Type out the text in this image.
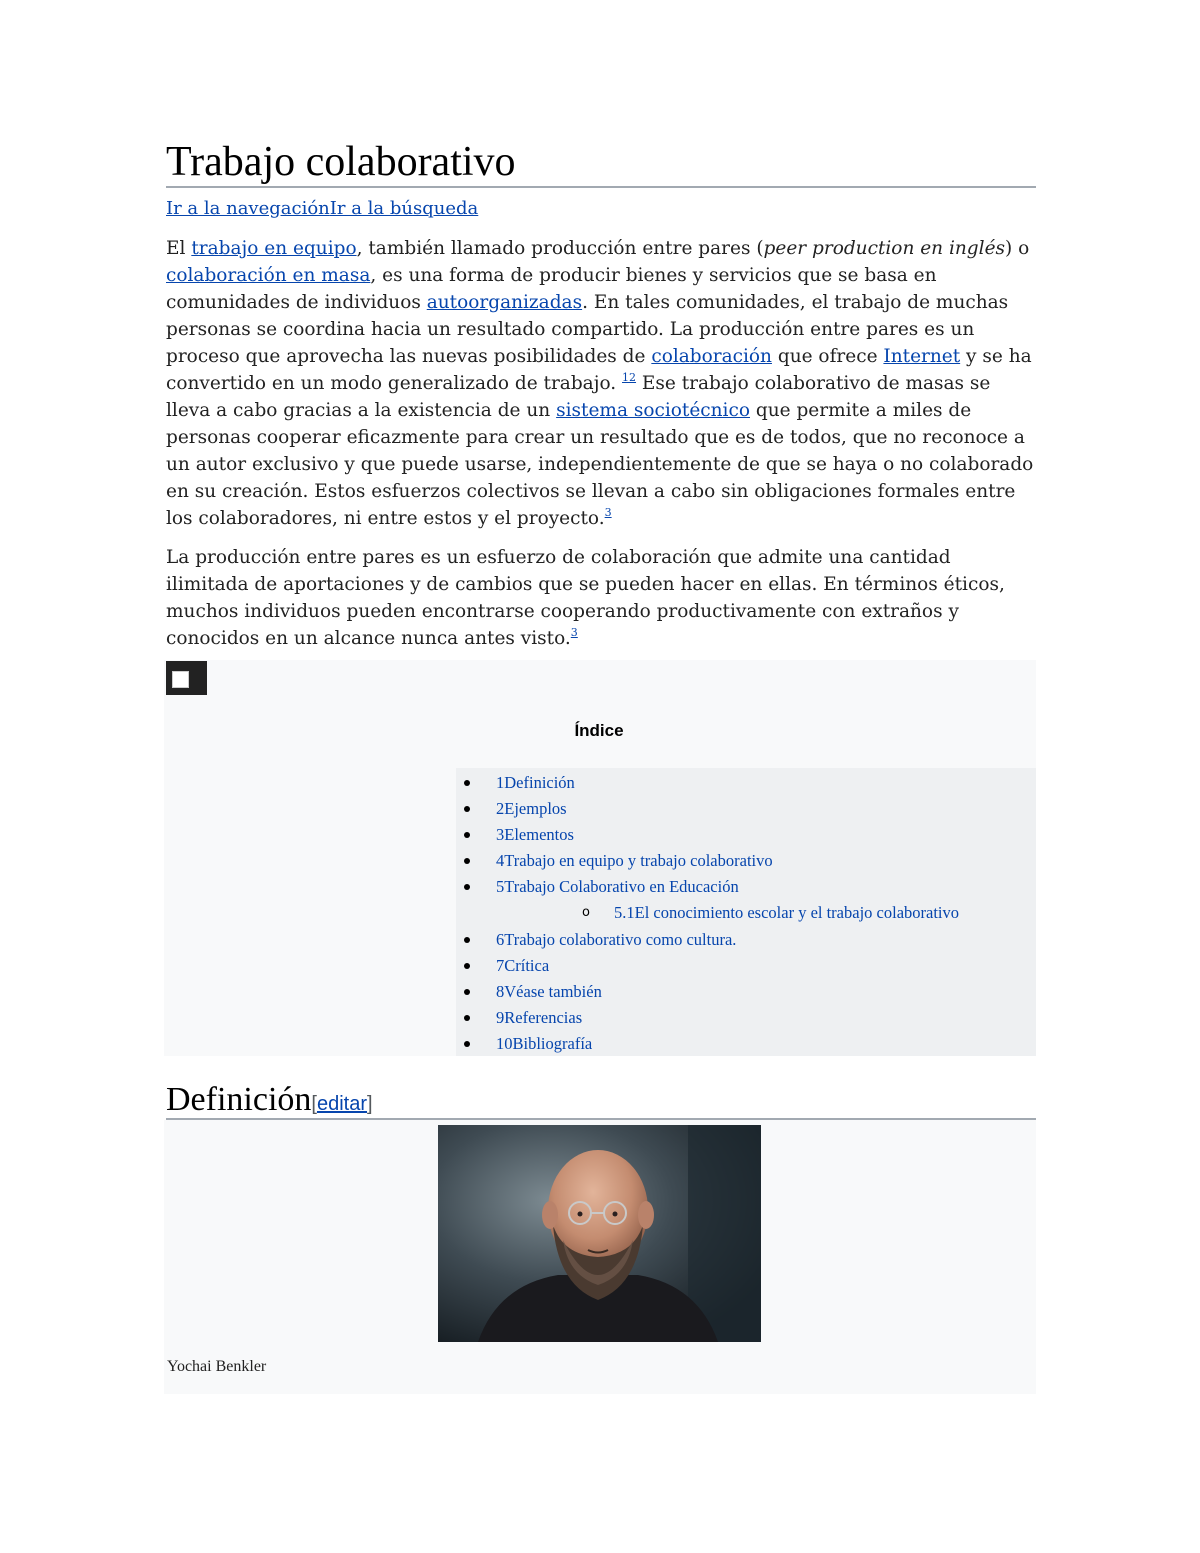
Trabajo colaborativo
Ir a la navegaciónIr a la búsqueda

El trabajo en equipo, también llamado producción entre pares (peer production en inglés) o colaboración en masa, es una forma de producir bienes y servicios que se basa en comunidades de individuos autoorganizadas. En tales comunidades, el trabajo de muchas personas se coordina hacia un resultado compartido. La producción entre pares es un proceso que aprovecha las nuevas posibilidades de colaboración que ofrece Internet y se ha convertido en un modo generalizado de trabajo. $^{12}$ Ese trabajo colaborativo de masas se lleva a cabo gracias a la existencia de un sistema sociotécnico que permite a miles de personas cooperar eficazmente para crear un resultado que es de todos, que no reconoce a un autor exclusivo y que puede usarse, independientemente de que se haya o no colaborado en su creación. Estos esfuerzos colectivos se llevan a cabo sin obligaciones formales entre los colaboradores, ni entre estos y el proyecto.$^3$

La producción entre pares es un esfuerzo de colaboración que admite una cantidad ilimitada de aportaciones y de cambios que se pueden hacer en ellas. En términos éticos, muchos individuos pueden encontrarse cooperando productivamente con extraños y conocidos en un alcance nunca antes visto.$^3$

Índice
1Definición
2Ejemplos
3Elementos
4Trabajo en equipo y trabajo colaborativo
5Trabajo Colaborativo en Educación
o 5.1El conocimiento escolar y el trabajo colaborativo
6Trabajo colaborativo como cultura.
7Crítica
8Véase también
9Referencias
10Bibliografía
Definición[editar]
Yochai Benkler
